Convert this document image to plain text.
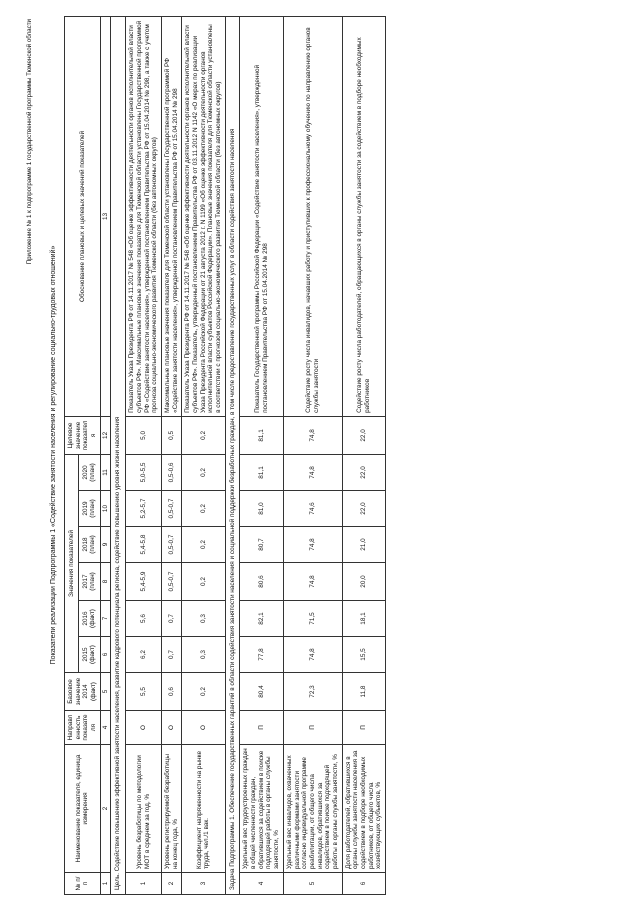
Приложение № 1 к подпрограмме 1 государственной программы Тюменской области
Показатели реализации Подпрограммы 1 «Содействие занятости населения и регулирование социально-трудовых отношений»
№ п/п	Наименование показателя, единица измерения	Направленность показателя	Базовое значение 2014 (факт)	Значения показателей						Целевое значение показателя	Обоснование плановых и целевых значений показателей
				2015 (факт)	2016 (факт)	2017 (план)	2018 (план)	2019 (план)	2020 (план)		
1	2	4	5	6	7	8	9	10	11	12	13
Цель. Содействие повышению эффективной занятости населения, развитие кадрового потенциала региона, содействие повышению уровня жизни населения											
1	Уровень безработицы по методологии МОТ в среднем за год, %	О	5,5	6,2	5,6	5,4-5,9	5,4-5,8	5,2-5,7	5,0-5,5	5,0	Показатель Указа Президента РФ от 14.11.2017 № 548 «Об оценке эффективности деятельности органов исполнительной власти субъектов РФ». Максимальные плановые значения показателя для Тюменской области установлены Государственной программой РФ «Содействие занятости населения», утвержденной постановлением Правительства РФ от 15.04.2014 № 298, а также с учетом прогноза социально-экономического развития Тюменской области (без автономных округов)
2	Уровень регистрируемой безработицы на конец года, %	О	0,6	0,7	0,7	0,5-0,7	0,5-0,7	0,5-0,7	0,5-0,6	0,5	Максимальные плановые значения показателя для Тюменской области установлены Государственной программой РФ «Содействие занятости населения», утвержденной постановлением Правительства РФ от 15.04.2014 № 298
3	Коэффициент напряженности на рынке труда, чел./1 вак.	О	0,2	0,3	0,3	0,2	0,2	0,2	0,2	0,2	Показатель Указа Президента РФ от 14.11.2017 № 548 «Об оценке эффективности деятельности органов исполнительной власти субъектов РФ». Показатель, утвержденный постановлением Правительства РФ от 03.11.2012 N 1142 «О мерах по реализации Указа Президента Российской Федерации от 21 августа 2012 г. N 1199 «Об оценке эффективности деятельности органов исполнительной власти субъектов Российской Федерации». Плановые значения показателя для Тюменской области установлены в соответствии с прогнозом социально-экономического развития Тюменской области (без автономных округов)
Задача Подпрограммы 1. Обеспечение государственных гарантий в области содействия занятости населения и социальной поддержки безработных граждан, в том числе предоставление государственных услуг в области содействия занятости населения											
4	Удельный вес трудоустроенных граждан в общей численности граждан, обратившихся за содействием в поиске подходящей работы в органы службы занятости, %	П	80,4	77,8	82,1	80,6	80,7	81,0	81,1	81,1	Показатель Государственной программы Российской Федерации «Содействие занятости населения», утвержденной постановлением Правительства РФ от 15.04.2014 № 298
5	Удельный вес инвалидов, охваченных различными формами занятости согласно индивидуальной программе реабилитации, от общего числа инвалидов, обратившихся за содействием в поиске подходящей работы в органы службы занятости, %	П	72,3	74,8	71,5	74,8	74,8	74,6	74,8	74,8	Содействие росту числа инвалидов, начавших работу и приступивших к профессиональному обучению по направлению органов службы занятости
6	Доля работодателей, обратившихся в органы службы занятости населения за содействием в подборе необходимых работников, от общего числа хозяйствующих субъектов, %	П	11,8	15,5	18,1	20,0	21,0	22,0	22,0	22,0	Содействие росту числа работодателей, обращающихся в органы службы занятости за содействием в подборе необходимых работников
